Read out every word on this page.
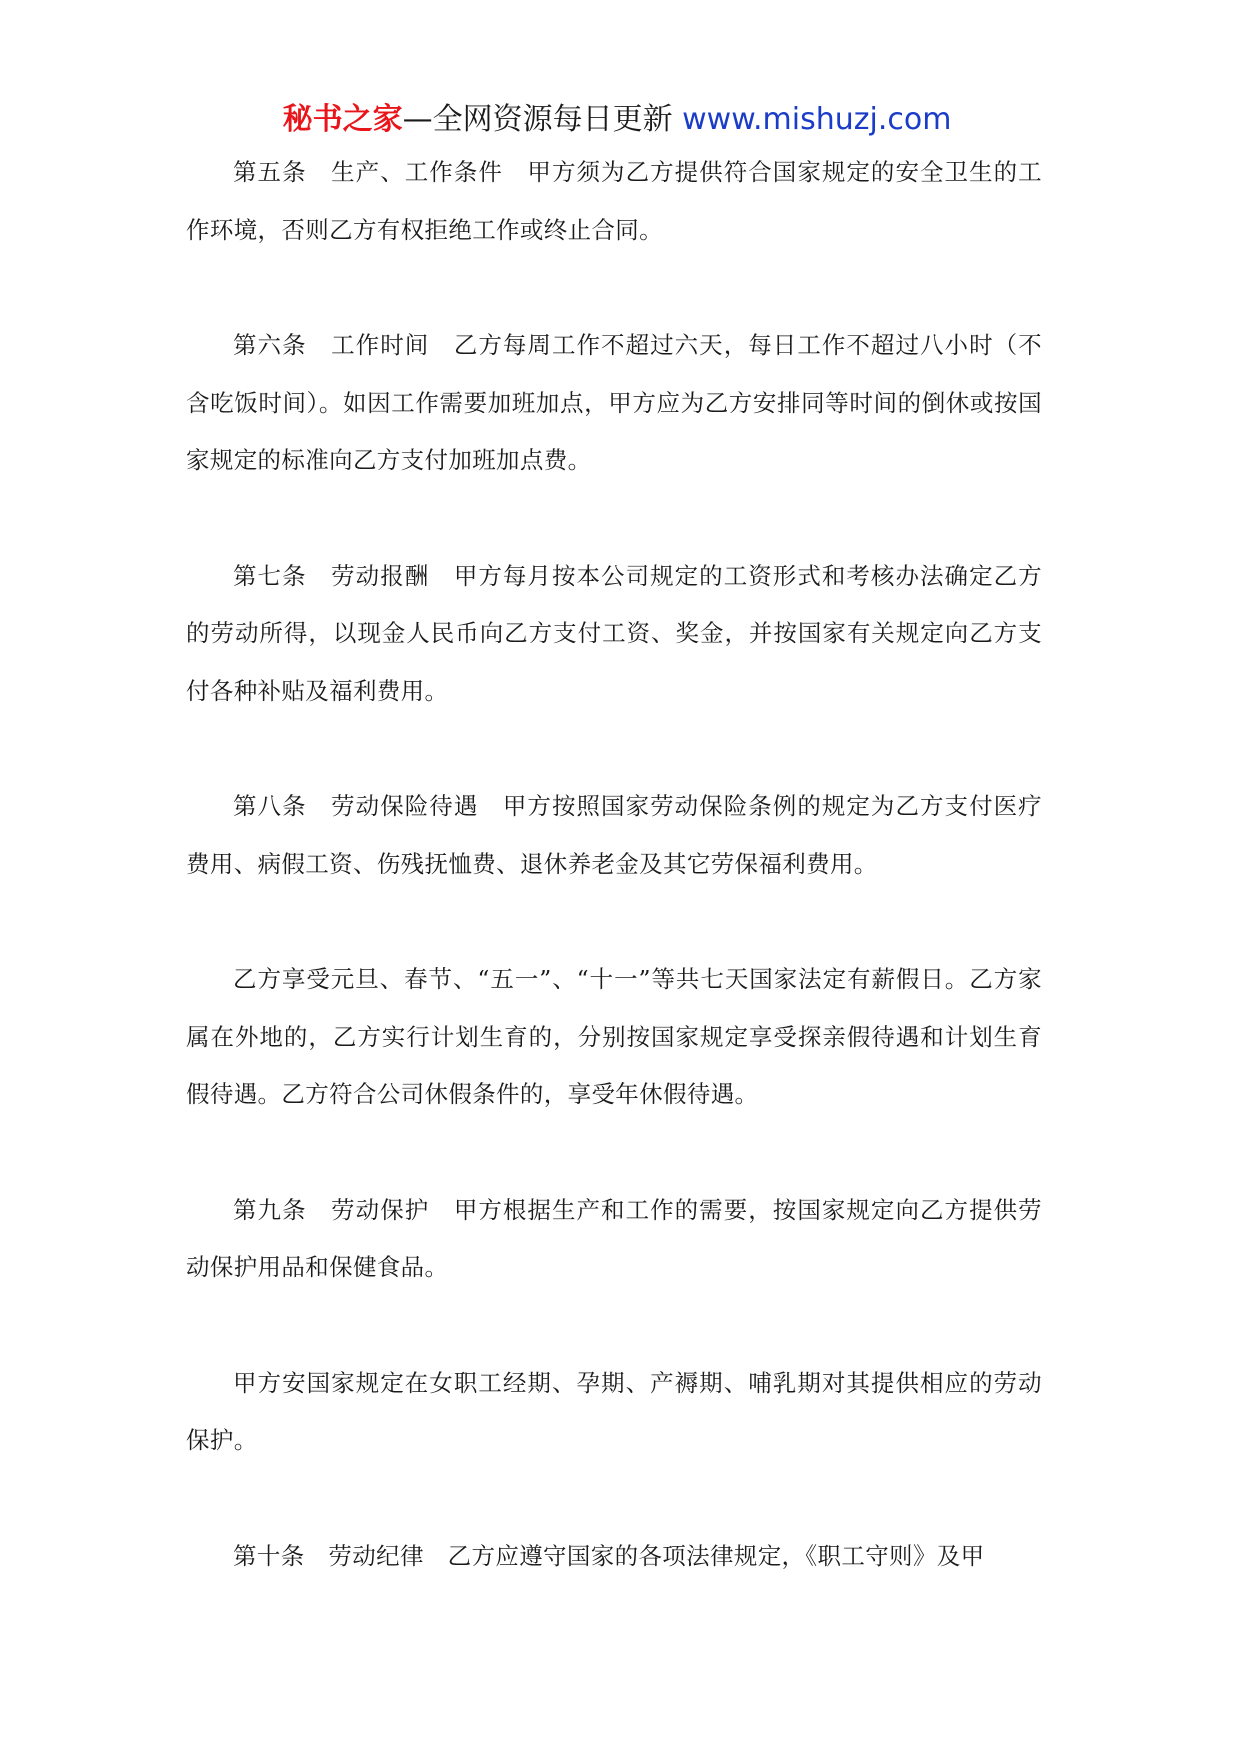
秘书之家—全网资源每日更新 www.mishuzj.com

第五条　生产、工作条件　甲方须为乙方提供符合国家规定的安全卫生的工作环境，否则乙方有权拒绝工作或终止合同。

第六条　工作时间　乙方每周工作不超过六天，每日工作不超过八小时（不含吃饭时间）。如因工作需要加班加点，甲方应为乙方安排同等时间的倒休或按国家规定的标准向乙方支付加班加点费。

第七条　劳动报酬　甲方每月按本公司规定的工资形式和考核办法确定乙方的劳动所得，以现金人民币向乙方支付工资、奖金，并按国家有关规定向乙方支付各种补贴及福利费用。

第八条　劳动保险待遇　甲方按照国家劳动保险条例的规定为乙方支付医疗费用、病假工资、伤残抚恤费、退休养老金及其它劳保福利费用。

乙方享受元旦、春节、“五一”、“十一”等共七天国家法定有薪假日。乙方家属在外地的，乙方实行计划生育的，分别按国家规定享受探亲假待遇和计划生育假待遇。乙方符合公司休假条件的，享受年休假待遇。

第九条　劳动保护　甲方根据生产和工作的需要，按国家规定向乙方提供劳动保护用品和保健食品。

甲方安国家规定在女职工经期、孕期、产褥期、哺乳期对其提供相应的劳动保护。

第十条　劳动纪律　乙方应遵守国家的各项法律规定，《职工守则》及甲
